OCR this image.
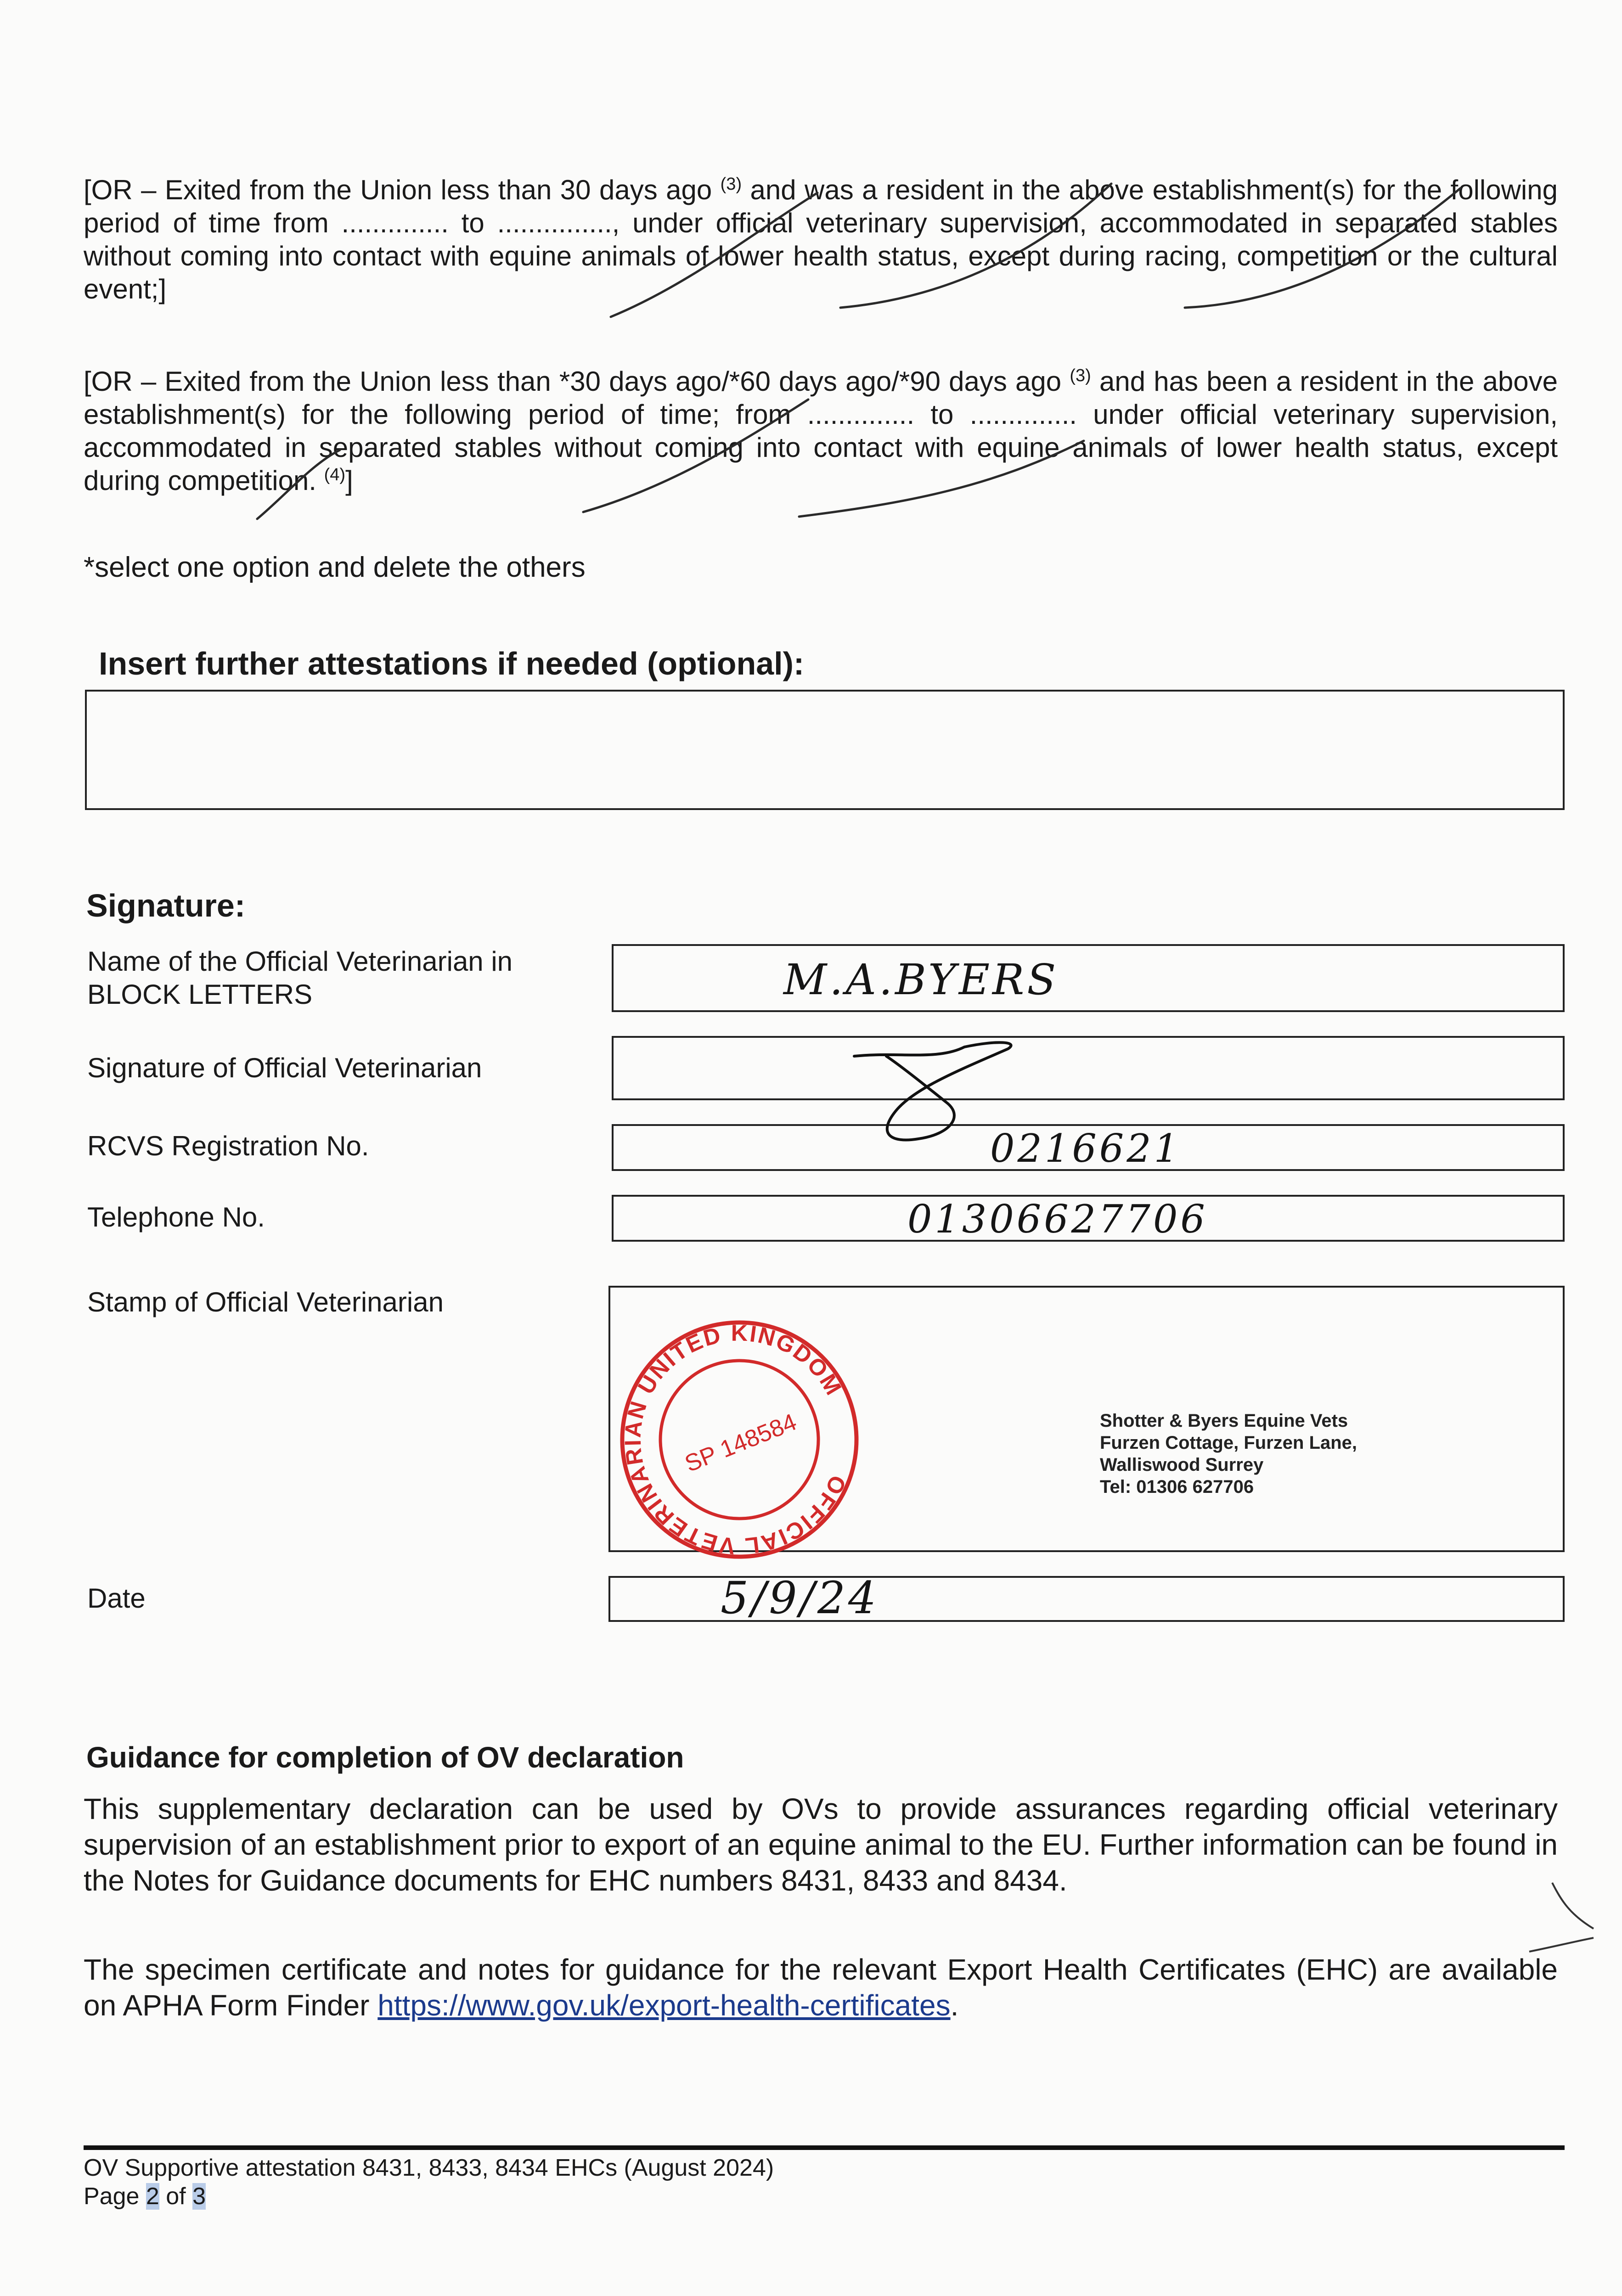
[OR – Exited from the Union less than 30 days ago $^{(3)}$ and was a resident in the above establishment(s) for the following period of time from .............. to ..............., under official veterinary supervision, accommodated in separated stables without coming into contact with equine animals of lower health status, except during racing, competition or the cultural event;]

[OR – Exited from the Union less than *30 days ago/*60 days ago/*90 days ago $^{(3)}$ and has been a resident in the above establishment(s) for the following period of time; from .............. to .............. under official veterinary supervision, accommodated in separated stables without coming into contact with equine animals of lower health status, except during competition. $^{(4)}$]

*select one option and delete the others

Insert further attestations if needed (optional):

Signature:

Name of the Official Veterinarian in BLOCK LETTERS	M.A.BYERS

Signature of Official Veterinarian

RCVS Registration No.	0216621

Telephone No.	01306627706

Stamp of Official Veterinarian

OFFICIAL VETERINARIAN UNITED KINGDOM
SP 148584	Shotter & Byers Equine Vets
Furzen Cottage, Furzen Lane,
Walliswood Surrey
Tel: 01306 627706

Date	5/9/24

Guidance for completion of OV declaration

This supplementary declaration can be used by OVs to provide assurances regarding official veterinary supervision of an establishment prior to export of an equine animal to the EU. Further information can be found in the Notes for Guidance documents for EHC numbers 8431, 8433 and 8434.

The specimen certificate and notes for guidance for the relevant Export Health Certificates (EHC) are available on APHA Form Finder https://www.gov.uk/export-health-certificates.

OV Supportive attestation 8431, 8433, 8434 EHCs (August 2024)
Page 2 of 3
